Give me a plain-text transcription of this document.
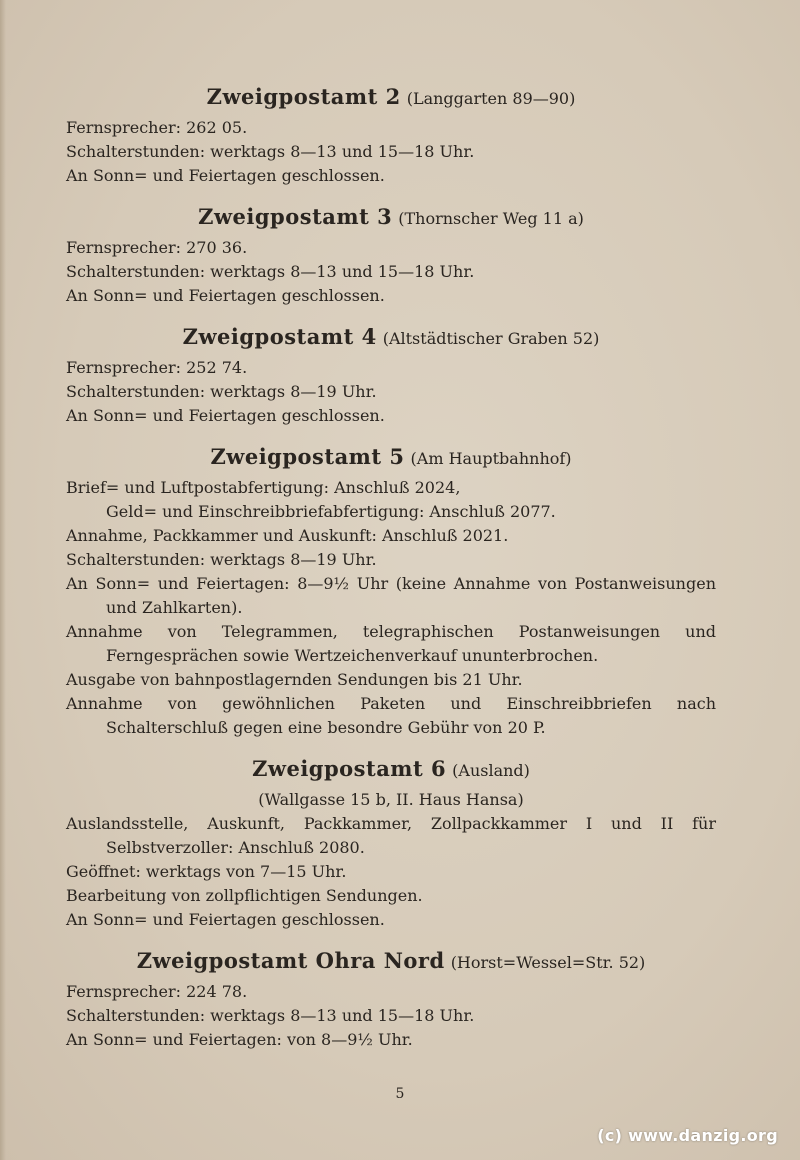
Zweigpostamt 2 (Langgarten 89—90)
Fernsprecher: 262 05.
Schalterstunden: werktags 8—13 und 15—18 Uhr.
An Sonn= und Feiertagen geschlossen.
Zweigpostamt 3 (Thornscher Weg 11 a)
Fernsprecher: 270 36.
Schalterstunden: werktags 8—13 und 15—18 Uhr.
An Sonn= und Feiertagen geschlossen.
Zweigpostamt 4 (Altstädtischer Graben 52)
Fernsprecher: 252 74.
Schalterstunden: werktags 8—19 Uhr.
An Sonn= und Feiertagen geschlossen.
Zweigpostamt 5 (Am Hauptbahnhof)
Brief= und Luftpostabfertigung: Anschluß 2024,
Geld= und Einschreibbriefabfertigung: Anschluß 2077.
Annahme, Packkammer und Auskunft: Anschluß 2021.
Schalterstunden: werktags 8—19 Uhr.
An Sonn= und Feiertagen: 8—9½ Uhr (keine Annahme von Postanweisungen und Zahlkarten).
Annahme von Telegrammen, telegraphischen Postanweisungen und Ferngesprächen sowie Wertzeichenverkauf ununterbrochen.
Ausgabe von bahnpostlagernden Sendungen bis 21 Uhr.
Annahme von gewöhnlichen Paketen und Einschreibbriefen nach Schalterschluß gegen eine besondre Gebühr von 20 P.
Zweigpostamt 6 (Ausland)
(Wallgasse 15 b, II. Haus Hansa)
Auslandsstelle, Auskunft, Packkammer, Zollpackkammer I und II für Selbstverzoller: Anschluß 2080.
Geöffnet: werktags von 7—15 Uhr.
Bearbeitung von zollpflichtigen Sendungen.
An Sonn= und Feiertagen geschlossen.
Zweigpostamt Ohra Nord (Horst=Wessel=Str. 52)
Fernsprecher: 224 78.
Schalterstunden: werktags 8—13 und 15—18 Uhr.
An Sonn= und Feiertagen: von 8—9½ Uhr.
5
(c) www.danzig.org
